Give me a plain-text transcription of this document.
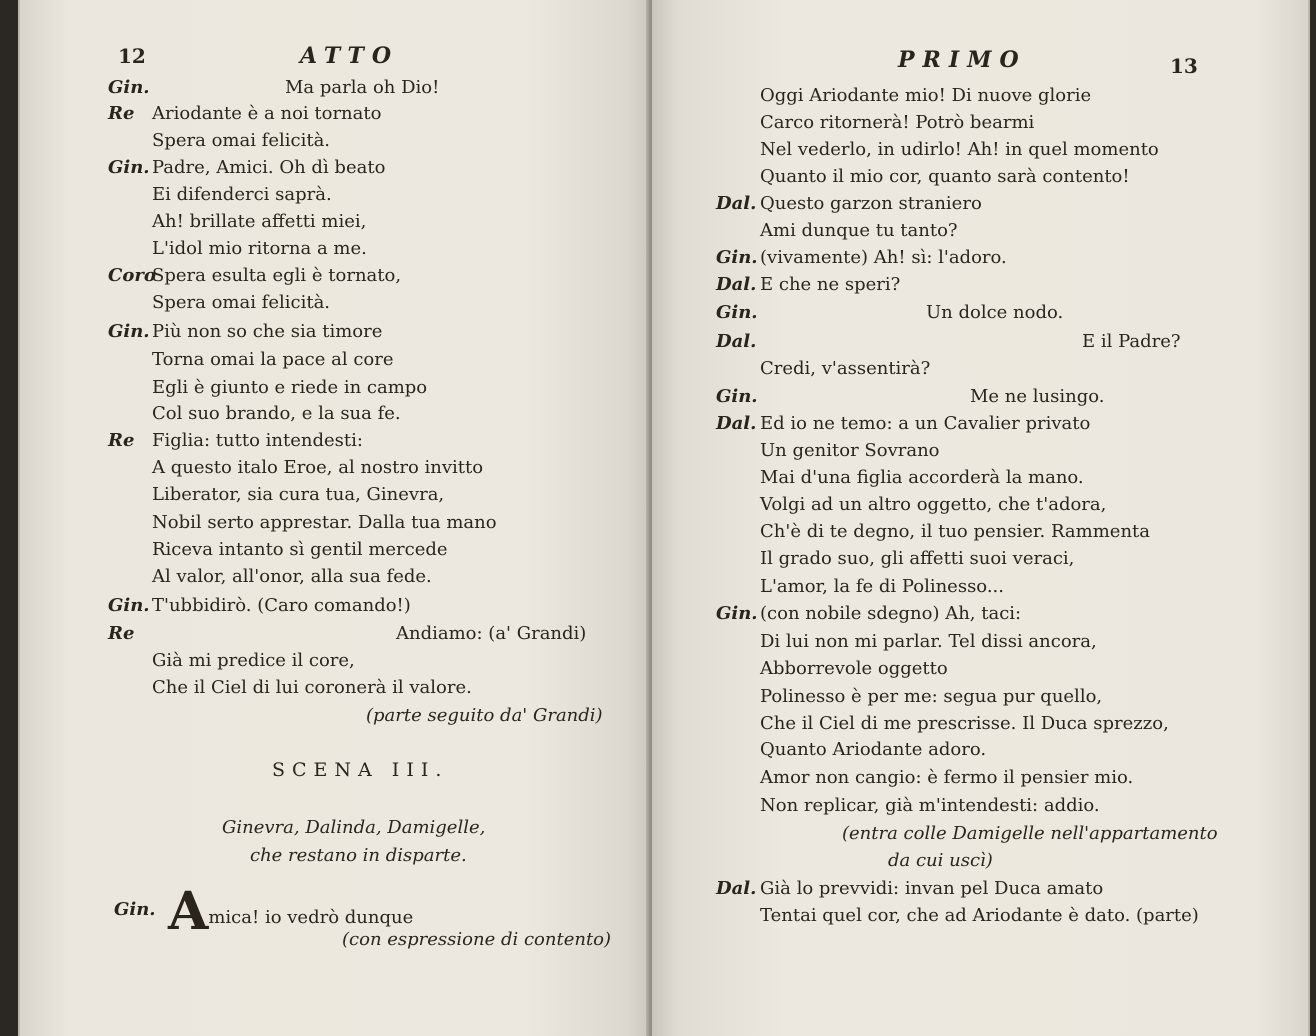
12	ATTO
Gin.	Ma parla oh Dio!
Re Ariodante è a noi tornato
Spera omai felicità.
Gin. Padre, Amici. Oh dì beato
Ei difenderci saprà.
Ah! brillate affetti miei,
L'idol mio ritorna a me.
Coro
Spera esulta egli è tornato,
Spera omai felicità.
Gin. Più non so che sia timore
Torna omai la pace al core
Egli è giunto e riede in campo
Col suo brando, e la sua fe.
Re Figlia: tutto intendesti:
A questo italo Eroe, al nostro invitto
Liberator, sia cura tua, Ginevra,
Nobil serto apprestar. Dalla tua mano
Riceva intanto sì gentil mercede
Al valor, all'onor, alla sua fede.
Gin. T'ubbidirò. (Caro comando!)
Re	Andiamo: (a' Grandi)
Già mi predice il core,
Che il Ciel di lui coronerà il valore.
(parte seguito da' Grandi)
SCENA III.
Ginevra, Dalinda, Damigelle,
che restano in disparte.
Gin. Amica! io vedrò dunque
(con espressione di contento)
PRIMO	13
Oggi Ariodante mio! Di nuove glorie
Carco ritornerà! Potrò bearmi
Nel vederlo, in udirlo! Ah! in quel momento
Quanto il mio cor, quanto sarà contento!
Dal. Questo garzon straniero
Ami dunque tu tanto?
Gin. (vivamente) Ah! sì: l'adoro.
Dal. E che ne speri?
Gin.	Un dolce nodo.
Dal.	E il Padre?
Credi, v'assentirà?
Gin.	Me ne lusingo.
Dal. Ed io ne temo: a un Cavalier privato
Un genitor Sovrano
Mai d'una figlia accorderà la mano.
Volgi ad un altro oggetto, che t'adora,
Ch'è di te degno, il tuo pensier. Rammenta
Il grado suo, gli affetti suoi veraci,
L'amor, la fe di Polinesso...
Gin. (con nobile sdegno) Ah, taci:
Di lui non mi parlar. Tel dissi ancora,
Abborrevole oggetto
Polinesso è per me: segua pur quello,
Che il Ciel di me prescrisse. Il Duca sprezzo,
Quanto Ariodante adoro.
Amor non cangio: è fermo il pensier mio.
Non replicar, già m'intendesti: addio.
(entra colle Damigelle nell'appartamento
da cui uscì)
Dal. Già lo prevvidi: invan pel Duca amato
Tentai quel cor, che ad Ariodante è dato. (parte)
